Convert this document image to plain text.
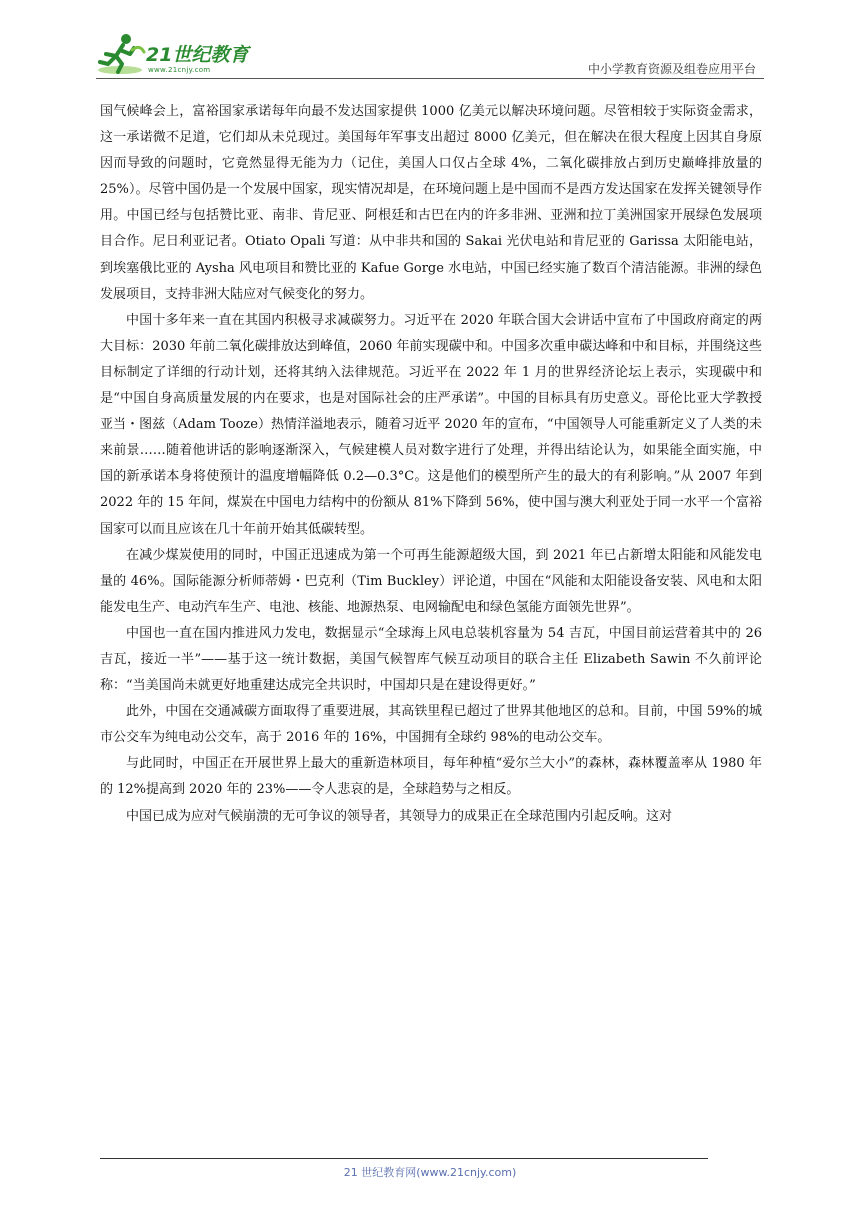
21世纪教育
www.21cnjy.com	中小学教育资源及组卷应用平台

国气候峰会上，富裕国家承诺每年向最不发达国家提供 1000 亿美元以解决环境问题。尽管相较于实际资金需求，这一承诺微不足道，它们却从未兑现过。美国每年军事支出超过 8000 亿美元，但在解决在很大程度上因其自身原因而导致的问题时，它竟然显得无能为力（记住，美国人口仅占全球 4%，二氧化碳排放占到历史巅峰排放量的 25%）。尽管中国仍是一个发展中国家，现实情况却是，在环境问题上是中国而不是西方发达国家在发挥关键领导作用。中国已经与包括赞比亚、南非、肯尼亚、阿根廷和古巴在内的许多非洲、亚洲和拉丁美洲国家开展绿色发展项目合作。尼日利亚记者。Otiato Opali 写道：从中非共和国的 Sakai 光伏电站和肯尼亚的 Garissa 太阳能电站，到埃塞俄比亚的 Aysha 风电项目和赞比亚的 Kafue Gorge 水电站，中国已经实施了数百个清洁能源。非洲的绿色发展项目，支持非洲大陆应对气候变化的努力。

中国十多年来一直在其国内积极寻求减碳努力。习近平在 2020 年联合国大会讲话中宣布了中国政府商定的两大目标：2030 年前二氧化碳排放达到峰值，2060 年前实现碳中和。中国多次重申碳达峰和中和目标，并围绕这些目标制定了详细的行动计划，还将其纳入法律规范。习近平在 2022 年 1 月的世界经济论坛上表示，实现碳中和是“中国自身高质量发展的内在要求，也是对国际社会的庄严承诺”。中国的目标具有历史意义。哥伦比亚大学教授亚当・图兹（Adam Tooze）热情洋溢地表示，随着习近平 2020 年的宣布，“中国领导人可能重新定义了人类的未来前景……随着他讲话的影响逐渐深入，气候建模人员对数字进行了处理，并得出结论认为，如果能全面实施，中国的新承诺本身将使预计的温度增幅降低 0.2—0.3°C。这是他们的模型所产生的最大的有利影响。”从 2007 年到 2022 年的 15 年间，煤炭在中国电力结构中的份额从 81%下降到 56%，使中国与澳大利亚处于同一水平一个富裕国家可以而且应该在几十年前开始其低碳转型。

在减少煤炭使用的同时，中国正迅速成为第一个可再生能源超级大国，到 2021 年已占新增太阳能和风能发电量的 46%。国际能源分析师蒂姆・巴克利（Tim Buckley）评论道，中国在“风能和太阳能设备安装、风电和太阳能发电生产、电动汽车生产、电池、核能、地源热泵、电网输配电和绿色氢能方面领先世界”。

中国也一直在国内推进风力发电，数据显示“全球海上风电总装机容量为 54 吉瓦，中国目前运营着其中的 26 吉瓦，接近一半”——基于这一统计数据，美国气候智库气候互动项目的联合主任 Elizabeth Sawin 不久前评论称：“当美国尚未就更好地重建达成完全共识时，中国却只是在建设得更好。”

此外，中国在交通减碳方面取得了重要进展，其高铁里程已超过了世界其他地区的总和。目前，中国 59%的城市公交车为纯电动公交车，高于 2016 年的 16%，中国拥有全球约 98%的电动公交车。

与此同时，中国正在开展世界上最大的重新造林项目，每年种植“爱尔兰大小”的森林，森林覆盖率从 1980 年的 12%提高到 2020 年的 23%——令人悲哀的是，全球趋势与之相反。

中国已成为应对气候崩溃的无可争议的领导者，其领导力的成果正在全球范围内引起反响。这对

21 世纪教育网(www.21cnjy.com)
